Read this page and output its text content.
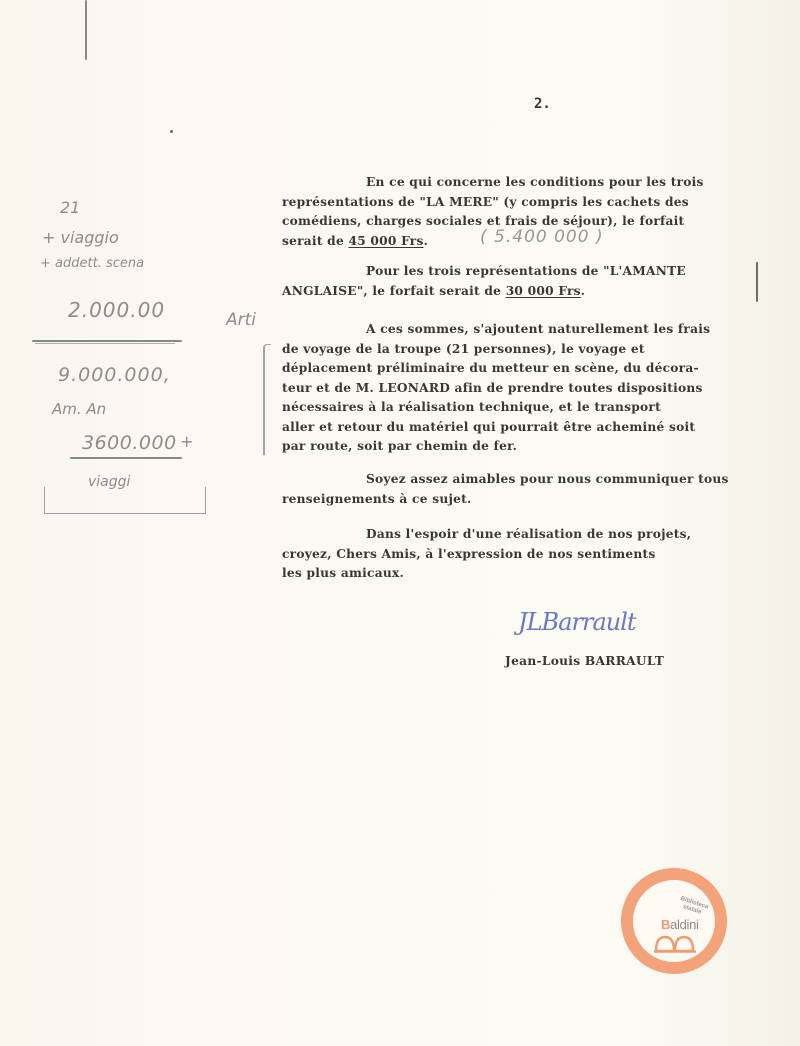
2.

En ce qui concerne les conditions pour les trois

représentations de "LA MERE" (y compris les cachets des

comédiens, charges sociales et frais de séjour), le forfait

serait de 45 000 Frs.	( 5.400 000 )

Pour les trois représentations de "L'AMANTE

ANGLAISE", le forfait serait de 30 000 Frs.

A ces sommes, s'ajoutent naturellement les frais

de voyage de la troupe (21 personnes), le voyage et

déplacement préliminaire du metteur en scène, du décora-

teur et de M. LEONARD afin de prendre toutes dispositions

nécessaires à la réalisation technique, et le transport

aller et retour du matériel qui pourrait être acheminé soit

par route, soit par chemin de fer.

Soyez assez aimables pour nous communiquer tous

renseignements à ce sujet.

Dans l'espoir d'une réalisation de nos projets,

croyez, Chers Amis, à l'expression de nos sentiments

les plus amicaux.

JLBarrault
Jean-Louis BARRAULT
21
+ viaggio
+ addett. scena
2.000.00	Arti
9.000.000,
Am. An
3600.000 +
viaggi
Biblioteca statale
Baldini
